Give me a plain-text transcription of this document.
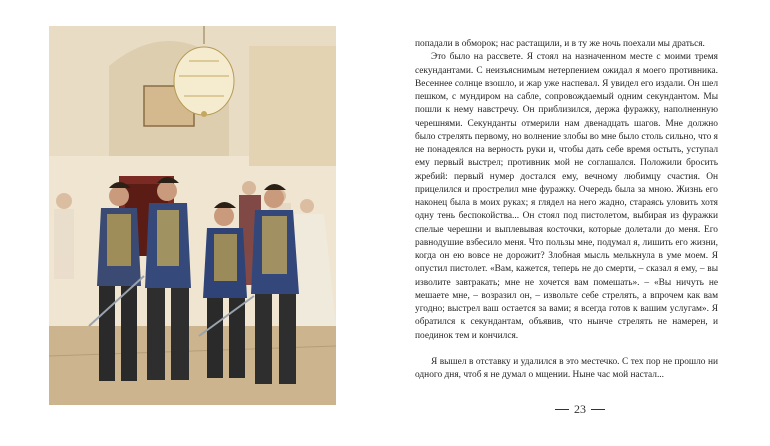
попадали в обморок; нас растащили, и в ту же ночь поехали мы драться.

Это было на рассвете. Я стоял на назначенном месте с моими тремя секундантами. С неизъяснимым нетерпением ожидал я моего противника. Весеннее солнце взошло, и жар уже наспевал. Я увидел его издали. Он шел пешком, с мундиром на сабле, сопровождаемый одним секундантом. Мы пошли к нему навстречу. Он приблизился, держа фуражку, наполненную черешнями. Секунданты отмерили нам двенадцать шагов. Мне должно было стрелять первому, но волнение злобы во мне было столь сильно, что я не понадеялся на верность руки и, чтобы дать себе время остыть, уступал ему первый выстрел; противник мой не соглашался. Положили бросить жребий: первый нумер достался ему, вечному любимцу счастия. Он прицелился и прострелил мне фуражку. Очередь была за мною. Жизнь его наконец была в моих руках; я глядел на него жадно, стараясь уловить хотя одну тень беспокойства... Он стоял под пистолетом, выбирая из фуражки спелые черешни и выплевывая косточки, которые долетали до меня. Его равнодушие взбесило меня. Что пользы мне, подумал я, лишить его жизни, когда он ею вовсе не дорожит? Злобная мысль мелькнула в уме моем. Я опустил пистолет. «Вам, кажется, теперь не до смерти, – сказал я ему, – вы изволите завтракать; мне не хочется вам помешать». – «Вы ничуть не мешаете мне, – возразил он, – извольте себе стрелять, а впрочем как вам угодно; выстрел ваш остается за вами; я всегда готов к вашим услугам». Я обратился к секундантам, объявив, что нынче стрелять не намерен, и поединок тем и кончился.

Я вышел в отставку и удалился в это местечко. С тех пор не прошло ни одного дня, чтоб я не думал о мщении. Ныне час мой настал...

23
